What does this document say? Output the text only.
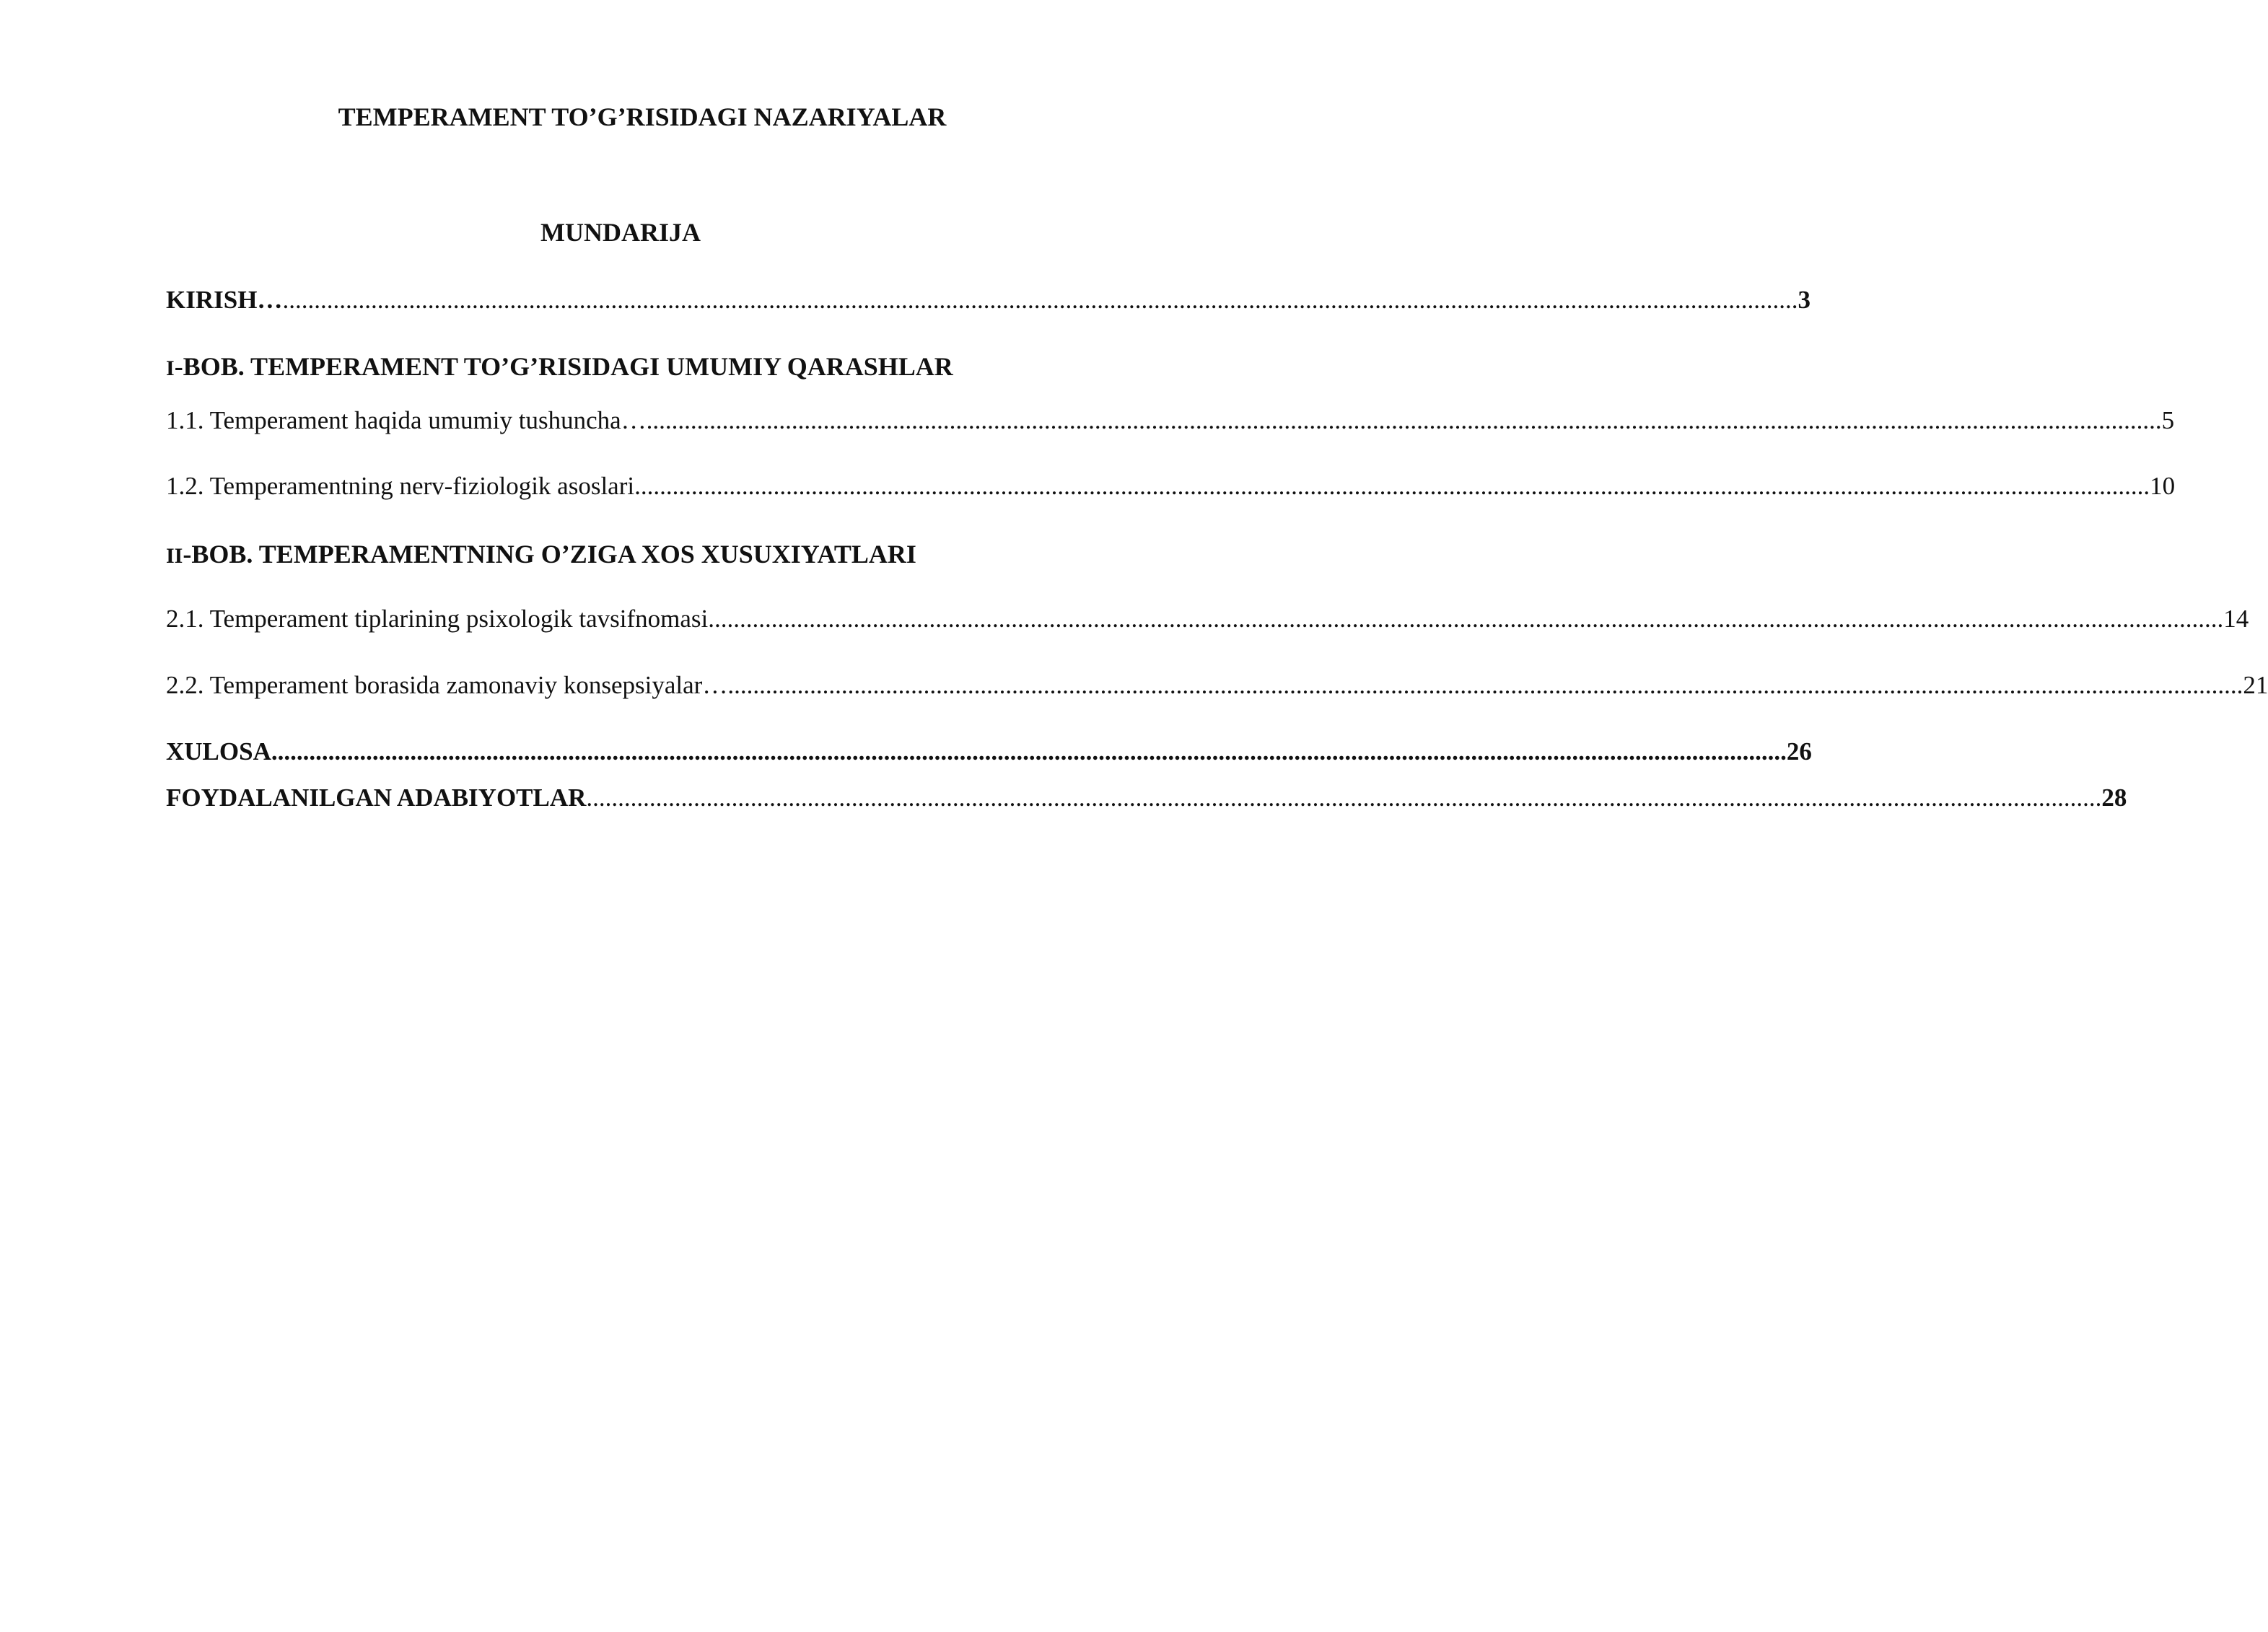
TEMPERAMENT TO’G’RISIDAGI NAZARIYALAR
MUNDARIJA
KIRISH… ................................................................................................................................................................................................................................................ 3
I-BOB. TEMPERAMENT TO’G’RISIDAGI UMUMIY QARASHLAR
1.1. Temperament haqida umumiy tushuncha… ................................................................................................................................................................................................................................................ 5
1.2. Temperamentning nerv-fiziologik asoslari ................................................................................................................................................................................................................................................ 10
II-BOB. TEMPERAMENTNING O’ZIGA XOS XUSUXIYATLARI
2.1. Temperament tiplarining psixologik tavsifnomasi ................................................................................................................................................................................................................................................ 14
2.2. Temperament borasida zamonaviy konsepsiyalar… ................................................................................................................................................................................................................................................ 21
XULOSA ................................................................................................................................................................................................................................................ 26
FOYDALANILGAN ADABIYOTLAR ................................................................................................................................................................................................................................................ 28
